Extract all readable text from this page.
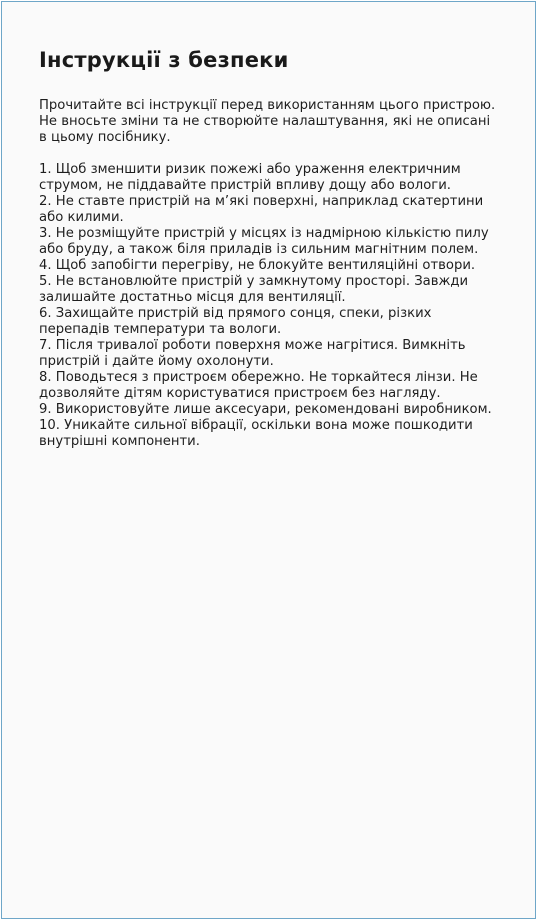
Інструкції з безпеки

Прочитайте всі інструкції перед використанням цього пристрою. Не вносьте зміни та не створюйте налаштування, які не описані в цьому посібнику.

1. Щоб зменшити ризик пожежі або ураження електричним струмом, не піддавайте пристрій впливу дощу або вологи.
2. Не ставте пристрій на м’які поверхні, наприклад скатертини або килими.
3. Не розміщуйте пристрій у місцях із надмірною кількістю пилу або бруду, а також біля приладів із сильним магнітним полем.
4. Щоб запобігти перегріву, не блокуйте вентиляційні отвори.
5. Не встановлюйте пристрій у замкнутому просторі. Завжди залишайте достатньо місця для вентиляції.
6. Захищайте пристрій від прямого сонця, спеки, різких перепадів температури та вологи.
7. Після тривалої роботи поверхня може нагрітися. Вимкніть пристрій і дайте йому охолонути.
8. Поводьтеся з пристроєм обережно. Не торкайтеся лінзи. Не дозволяйте дітям користуватися пристроєм без нагляду.
9. Використовуйте лише аксесуари, рекомендовані виробником.
10. Уникайте сильної вібрації, оскільки вона може пошкодити внутрішні компоненти.
